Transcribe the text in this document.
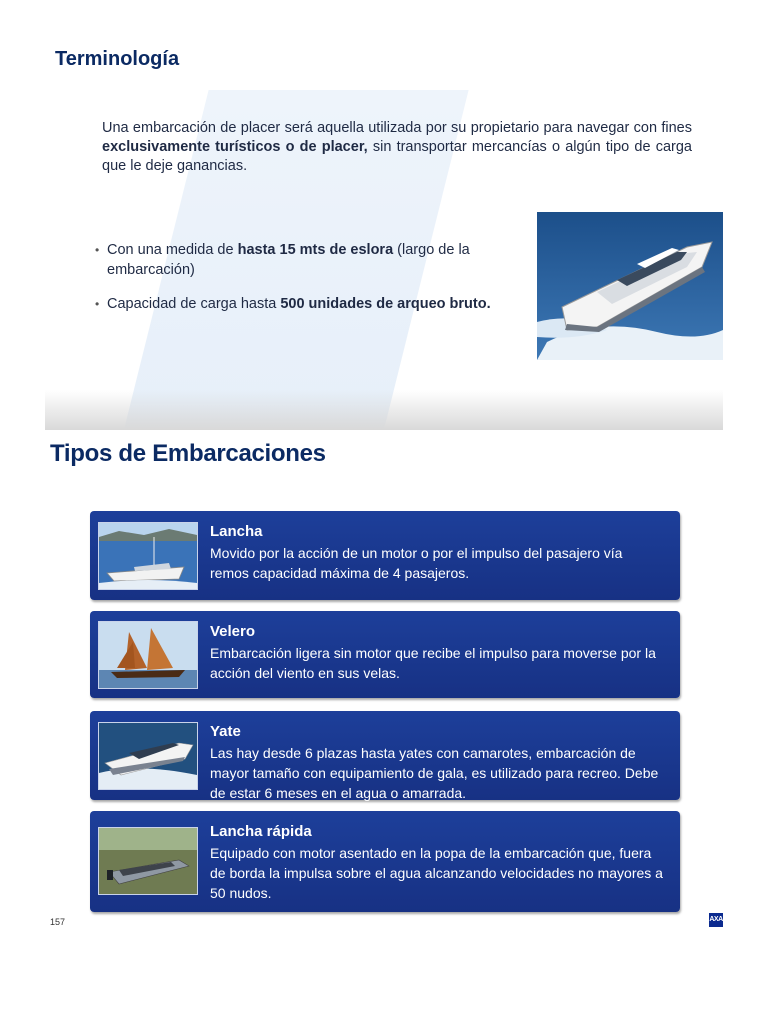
Terminología

Una embarcación de placer será aquella utilizada por su propietario para navegar con fines exclusivamente turísticos o de placer, sin transportar mercancías o algún tipo de carga que le deje ganancias.

• Con una medida de hasta 15 mts de eslora (largo de la embarcación)
• Capacidad de carga hasta 500 unidades de arqueo bruto.
Tipos de Embarcaciones
Lancha
Movido por la acción de un motor o por el impulso del pasajero vía remos capacidad máxima de 4 pasajeros.
Velero
Embarcación ligera sin motor que recibe el impulso para moverse por la acción del viento en sus velas.
Yate
Las hay desde 6 plazas hasta yates con camarotes, embarcación de mayor tamaño con equipamiento de gala, es utilizado para recreo. Debe de estar 6 meses en el agua o amarrada.
Lancha rápida
Equipado con motor asentado en la popa de la embarcación que, fuera de borda la impulsa sobre el agua alcanzando velocidades no mayores a 50 nudos.
157	AXA
